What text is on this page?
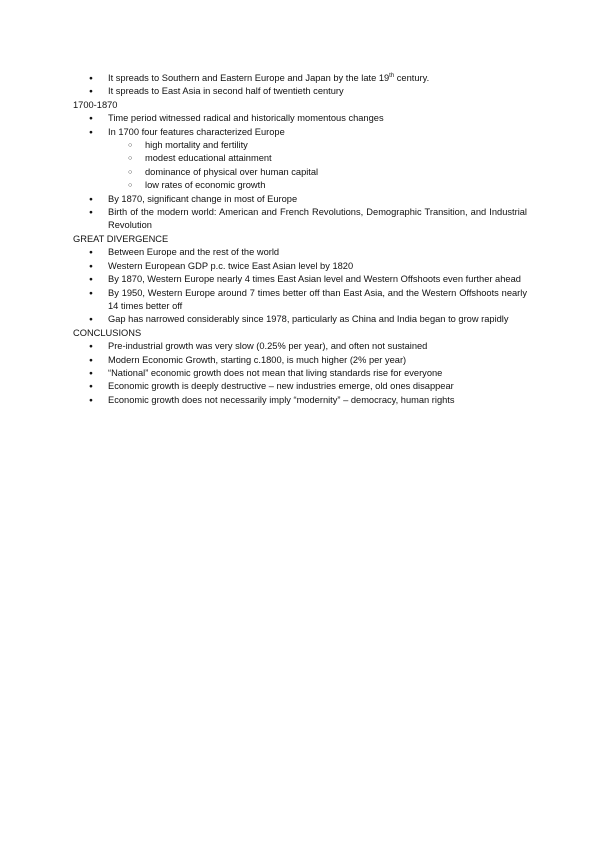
● It spreads to Southern and Eastern Europe and Japan by the late 19th century.
● It spreads to East Asia in second half of twentieth century

1700-1870

● Time period witnessed radical and historically momentous changes
● In 1700 four features characterized Europe
○ high mortality and fertility
○ modest educational attainment
○ dominance of physical over human capital
○ low rates of economic growth
● By 1870, significant change in most of Europe
● Birth of the modern world: American and French Revolutions, Demographic Transition, and Industrial Revolution

GREAT DIVERGENCE

● Between Europe and the rest of the world
● Western European GDP p.c. twice East Asian level by 1820
● By 1870, Western Europe nearly 4 times East Asian level and Western Offshoots even further ahead
● By 1950, Western Europe around 7 times better off than East Asia, and the Western Offshoots nearly 14 times better off
● Gap has narrowed considerably since 1978, particularly as China and India began to grow rapidly

CONCLUSIONS

● Pre-industrial growth was very slow (0.25% per year), and often not sustained
● Modern Economic Growth, starting c.1800, is much higher (2% per year)
● “National” economic growth does not mean that living standards rise for everyone
● Economic growth is deeply destructive – new industries emerge, old ones disappear
● Economic growth does not necessarily imply “modernity” – democracy, human rights
